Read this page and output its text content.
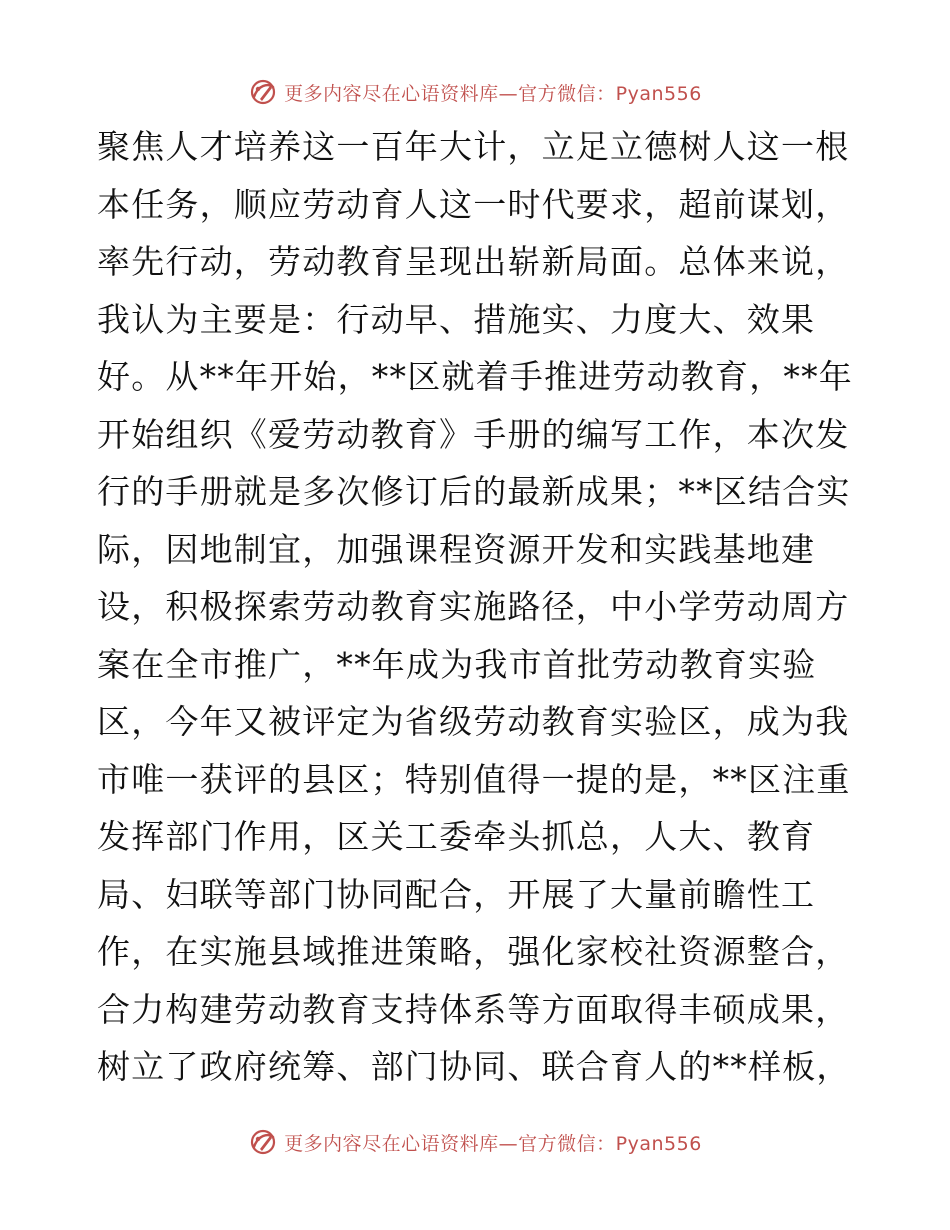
更多内容尽在心语资料库—官方微信：Pyan556
聚焦人才培养这一百年大计，立足立德树人这一根
本任务，顺应劳动育人这一时代要求，超前谋划，
率先行动，劳动教育呈现出崭新局面。总体来说，
我认为主要是：行动早、措施实、力度大、效果
好。从**年开始，**区就着手推进劳动教育，**年
开始组织《爱劳动教育》手册的编写工作，本次发
行的手册就是多次修订后的最新成果；**区结合实
际，因地制宜，加强课程资源开发和实践基地建
设，积极探索劳动教育实施路径，中小学劳动周方
案在全市推广，**年成为我市首批劳动教育实验
区，今年又被评定为省级劳动教育实验区，成为我
市唯一获评的县区；特别值得一提的是，**区注重
发挥部门作用，区关工委牵头抓总，人大、教育
局、妇联等部门协同配合，开展了大量前瞻性工
作，在实施县域推进策略，强化家校社资源整合，
合力构建劳动教育支持体系等方面取得丰硕成果，
树立了政府统筹、部门协同、联合育人的**样板，
更多内容尽在心语资料库—官方微信：Pyan556
